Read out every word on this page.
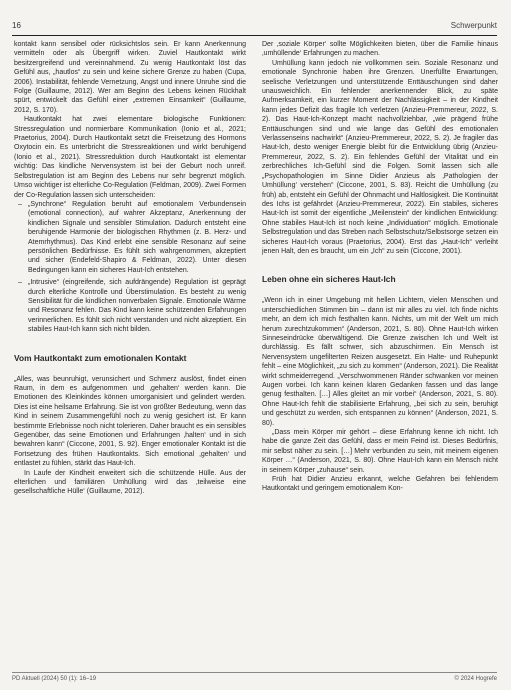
16	Schwerpunkt

kontakt kann sensibel oder rücksichtslos sein. Er kann Anerkennung vermitteln oder als Übergriff wirken. Zuviel Hautkontakt wirkt besitzergreifend und vereinnahmend. Zu wenig Hautkontakt löst das Gefühl aus, „hautlos“ zu sein und keine sichere Grenze zu haben (Cupa, 2006). Instabilität, fehlende Vernetzung, Angst und innere Unruhe sind die Folge (Guillaume, 2012). Wer am Beginn des Lebens keinen Rückhalt spürt, entwickelt das Gefühl einer „extremen Einsamkeit“ (Guillaume, 2012, S. 170).

Hautkontakt hat zwei elementare biologische Funktionen: Stressregulation und normierbare Kommunikation (Ionio et al., 2021; Praetorius, 2004). Durch Hautkontakt setzt die Freisetzung des Hormons Oxytocin ein. Es unterbricht die Stressreaktionen und wirkt beruhigend (Ionio et al., 2021). Stressreduktion durch Hautkontakt ist elementar wichtig: Das kindliche Nervensystem ist bei der Geburt noch unreif. Selbstregulation ist am Beginn des Lebens nur sehr begrenzt möglich. Umso wichtiger ist elterliche Co-Regulation (Feldman, 2009). Zwei Formen der Co-Regulation lassen sich unterscheiden:

– „Synchrone“ Regulation beruht auf emotionalem Verbundensein (emotional connection), auf wahrer Akzeptanz, Anerkennung der kindlichen Signale und sensibler Stimulation. Dadurch entsteht eine beruhigende Harmonie der biologischen Rhythmen (z. B. Herz- und Atemrhythmus). Das Kind erlebt eine sensible Resonanz auf seine persönlichen Bedürfnisse. Es fühlt sich wahrgenommen, akzeptiert und sicher (Endefeld-Shapiro & Feldman, 2022). Unter diesen Bedingungen kann ein sicheres Haut-Ich entstehen.
– „Intrusive“ (eingreifende, sich aufdrängende) Regulation ist geprägt durch elterliche Kontrolle und Überstimulation. Es besteht zu wenig Sensibilität für die kindlichen nonverbalen Signale. Emotionale Wärme und Resonanz fehlen. Das Kind kann keine schützenden Erfahrungen verinnerlichen. Es fühlt sich nicht verstanden und nicht akzeptiert. Ein stabiles Haut-Ich kann sich nicht bilden.
Vom Hautkontakt zum emotionalen Kontakt

„Alles, was beunruhigt, verunsichert und Schmerz auslöst, findet einen Raum, in dem es aufgenommen und ‚gehalten‘ werden kann. Die Emotionen des Kleinkindes können umorganisiert und gelindert werden. Dies ist eine heilsame Erfahrung. Sie ist von größter Bedeutung, wenn das Kind in seinem Zusammengefühl noch zu wenig gesichert ist. Er kann bestimmte Erlebnisse noch nicht tolerieren. Daher braucht es ein sensibles Gegenüber, das seine Emotionen und Erfahrungen ‚halten‘ und in sich bewahren kann“ (Ciccone, 2001, S. 92). Enger emotionaler Kontakt ist die Fortsetzung des frühen Hautkontakts. Sich emotional ‚gehalten‘ und entlastet zu fühlen, stärkt das Haut-Ich.

In Laufe der Kindheit erweitert sich die schützende Hülle. Aus der elterlichen und familiären Umhüllung wird das ‚teilweise eine gesellschaftliche Hülle‘ (Guillaume, 2012).

Der ‚soziale Körper‘ sollte Möglichkeiten bieten, über die Familie hinaus ‚umhüllende‘ Erfahrungen zu machen.

Umhüllung kann jedoch nie vollkommen sein. Soziale Resonanz und emotionale Synchronie haben ihre Grenzen. Unerfüllte Erwartungen, seelische Verletzungen und unterstützende Enttäuschungen sind daher unausweichlich. Ein fehlender anerkennender Blick, zu späte Aufmerksamkeit, ein kurzer Moment der Nachlässigkeit – in der Kindheit kann jedes Defizit das fragile Ich verletzen (Anzieu-Premmereur, 2022, S. 2). Das Haut-Ich-Konzept macht nachvollziehbar, „wie prägend frühe Enttäuschungen sind und wie lange das Gefühl des emotionalen Verlassenseins nachwirkt“ (Anzieu-Premmereur, 2022, S. 2). Je fragiler das Haut-Ich, desto weniger Energie bleibt für die Entwicklung übrig (Anzieu-Premmereur, 2022, S. 2). Ein fehlendes Gefühl der Vitalität und ein zerbrechliches Ich-Gefühl sind die Folgen. Somit lassen sich alle „Psychopathologien im Sinne Didier Anzieus als ‚Pathologien der Umhüllung‘ verstehen“ (Ciccone, 2001, S. 83). Reicht die Umhüllung (zu früh) ab, entsteht ein Gefühl der Ohnmacht und Haltlosigkeit. Die Kontinuität des Ichs ist gefährdet (Anzieu-Premmereur, 2022). Ein stabiles, sicheres Haut-Ich ist somit der eigentliche „Meilenstein“ der kindlichen Entwicklung: Ohne stabiles Haut-Ich ist noch keine „Individuation“ möglich. Emotionale Selbstregulation und das Streben nach Selbstschutz/Selbstsorge setzen ein sicheres Haut-Ich voraus (Praetorius, 2004). Erst das „Haut-Ich“ verleiht jenen Halt, den es braucht, um ein „Ich“ zu sein (Ciccone, 2001).

Leben ohne ein sicheres Haut-Ich

„Wenn ich in einer Umgebung mit hellen Lichtern, vielen Menschen und unterschiedlichen Stimmen bin – dann ist mir alles zu viel. Ich finde nichts mehr, an dem ich mich festhalten kann. Nichts, um mit der Welt um mich herum zurechtzukommen“ (Anderson, 2021, S. 80). Ohne Haut-Ich wirken Sinneseindrücke überwältigend. Die Grenze zwischen Ich und Welt ist durchlässig. Es fällt schwer, sich abzuschirmen. Ein Mensch ist Nervensystem ungefilterten Reizen ausgesetzt. Ein Halte- und Ruhepunkt fehlt – eine Möglichkeit, „zu sich zu kommen“ (Anderson, 2021). Die Realität wirkt schmeiderregend. „Verschwommenen Ränder schwanken vor meinen Augen vorbei. Ich kann keinen klaren Gedanken fassen und das lange genug festhalten. […] Alles gleitet an mir vorbei“ (Anderson, 2021, S. 80). Ohne Haut-Ich fehlt die stabilisierte Erfahrung, „bei sich zu sein, beruhigt und geschützt zu werden, sich entspannen zu können“ (Anderson, 2021, S. 80).

„Dass mein Körper mir gehört – diese Erfahrung kenne ich nicht. Ich habe die ganze Zeit das Gefühl, dass er mein Feind ist. Dieses Bedürfnis, mir selbst näher zu sein. […] Mehr verbunden zu sein, mit meinem eigenen Körper …“ (Anderson, 2021, S. 80). Ohne Haut-Ich kann ein Mensch nicht in seinem Körper „zuhause“ sein.

Früh hat Didier Anzieu erkannt, welche Gefahren bei fehlendem Hautkontakt und geringem emotionalem Kon-

PD Aktuell (2024) 50 (1): 16–19	© 2024 Hogrefe
